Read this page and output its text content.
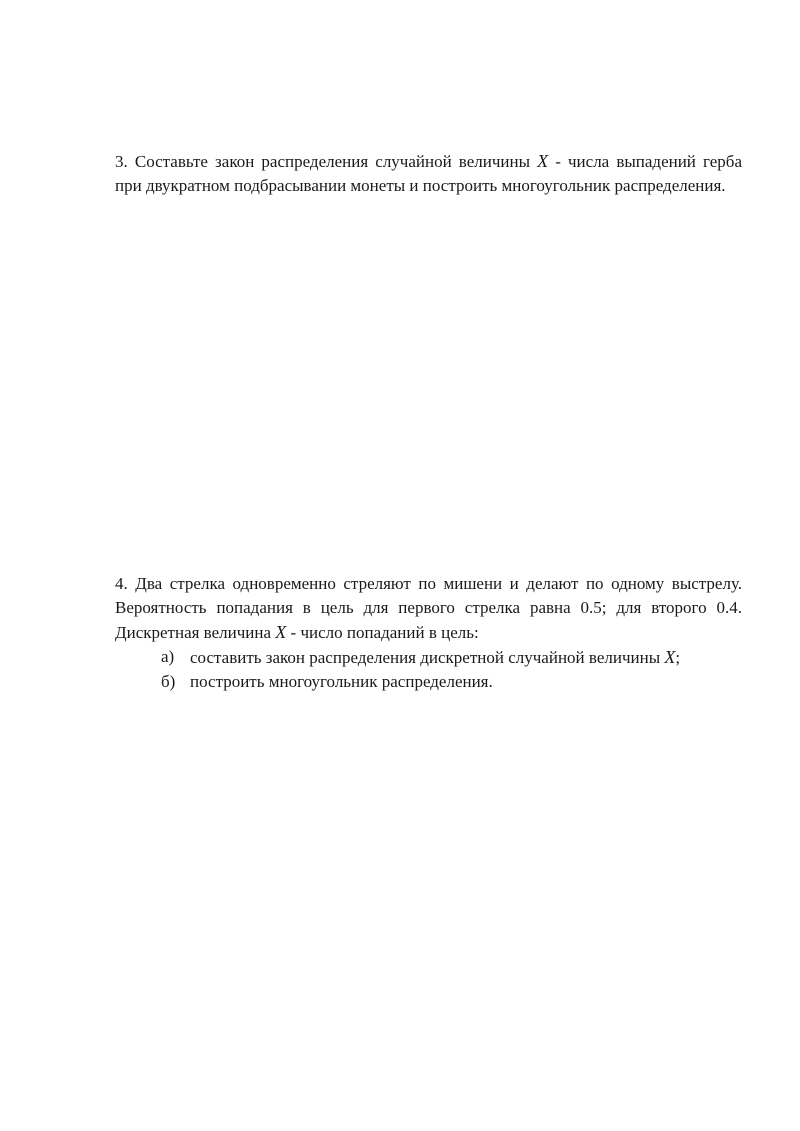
3. Составьте закон распределения случайной величины X - числа выпадений герба при двукратном подбрасывании монеты и построить многоугольник распределения.

4. Два стрелка одновременно стреляют по мишени и делают по одному выстрелу. Вероятность попадания в цель для первого стрелка равна 0.5; для второго 0.4. Дискретная величина X - число попаданий в цель:

а) составить закон распределения дискретной случайной величины X;
б) построить многоугольник распределения.
